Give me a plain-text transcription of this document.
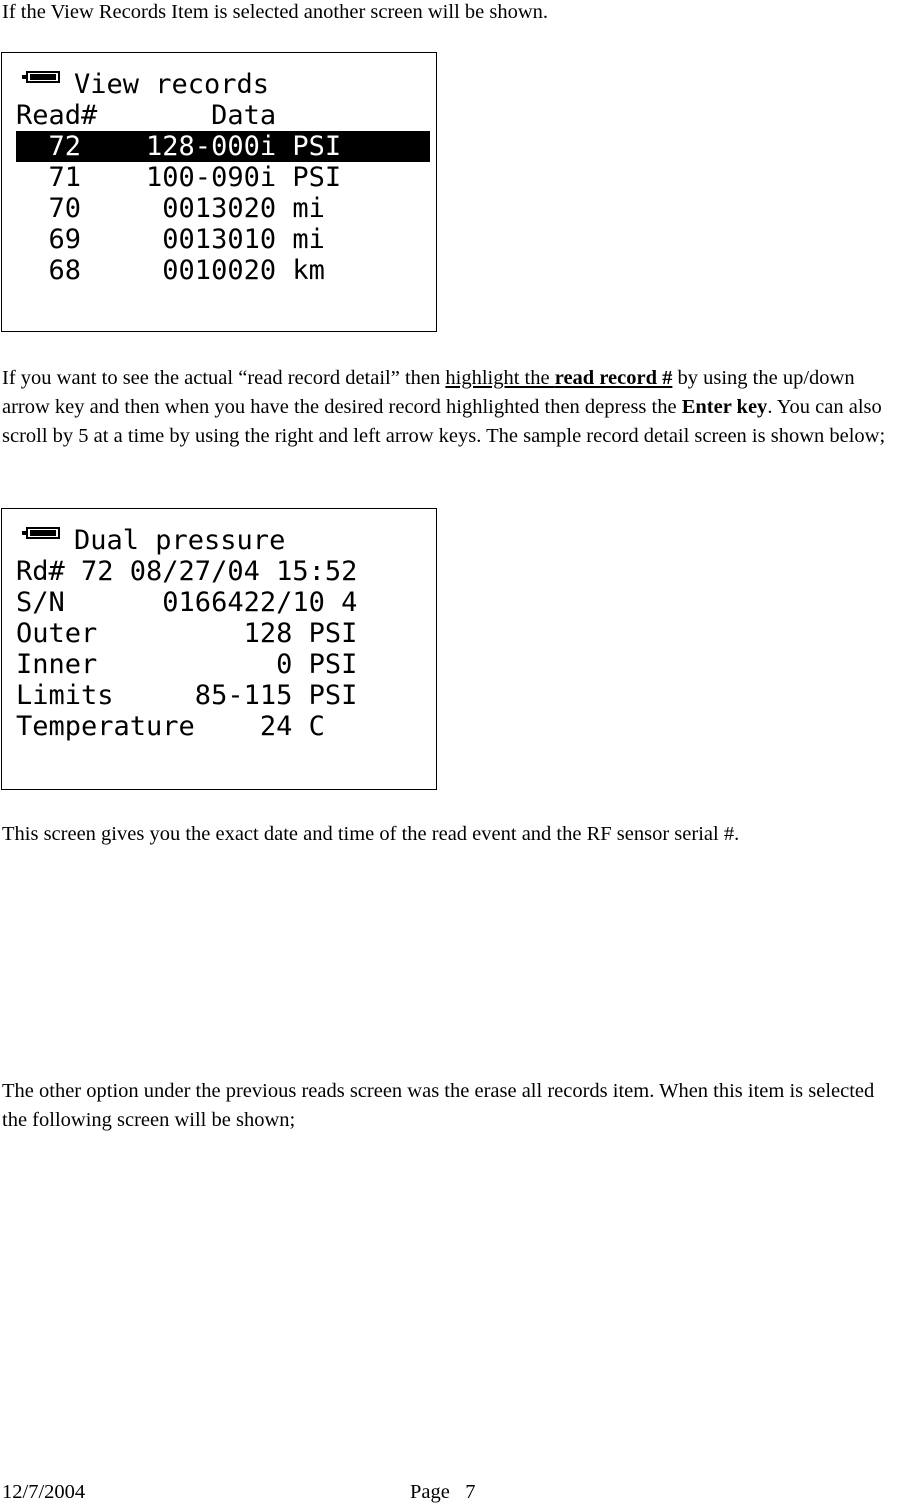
If the View Records Item is selected another screen will be shown.

View records
Read#       Data
72    128-000i PSI
71    100-090i PSI
70     0013020 mi
69     0013010 mi
68     0010020 km

If you want to see the actual “read record detail” then highlight the read record # by using the up/down arrow key and then when you have the desired record highlighted then depress the Enter key. You can also scroll by 5 at a time by using the right and left arrow keys. The sample record detail screen is shown below;

Dual pressure
Rd# 72 08/27/04 15:52
S/N      0166422/10 4
Outer         128 PSI
Inner           0 PSI
Limits     85-115 PSI
Temperature    24 C

This screen gives you the exact date and time of the read event and the RF sensor serial #.

The other option under the previous reads screen was the erase all records item. When this item is selected the following screen will be shown;

12/7/2004	Page   7
